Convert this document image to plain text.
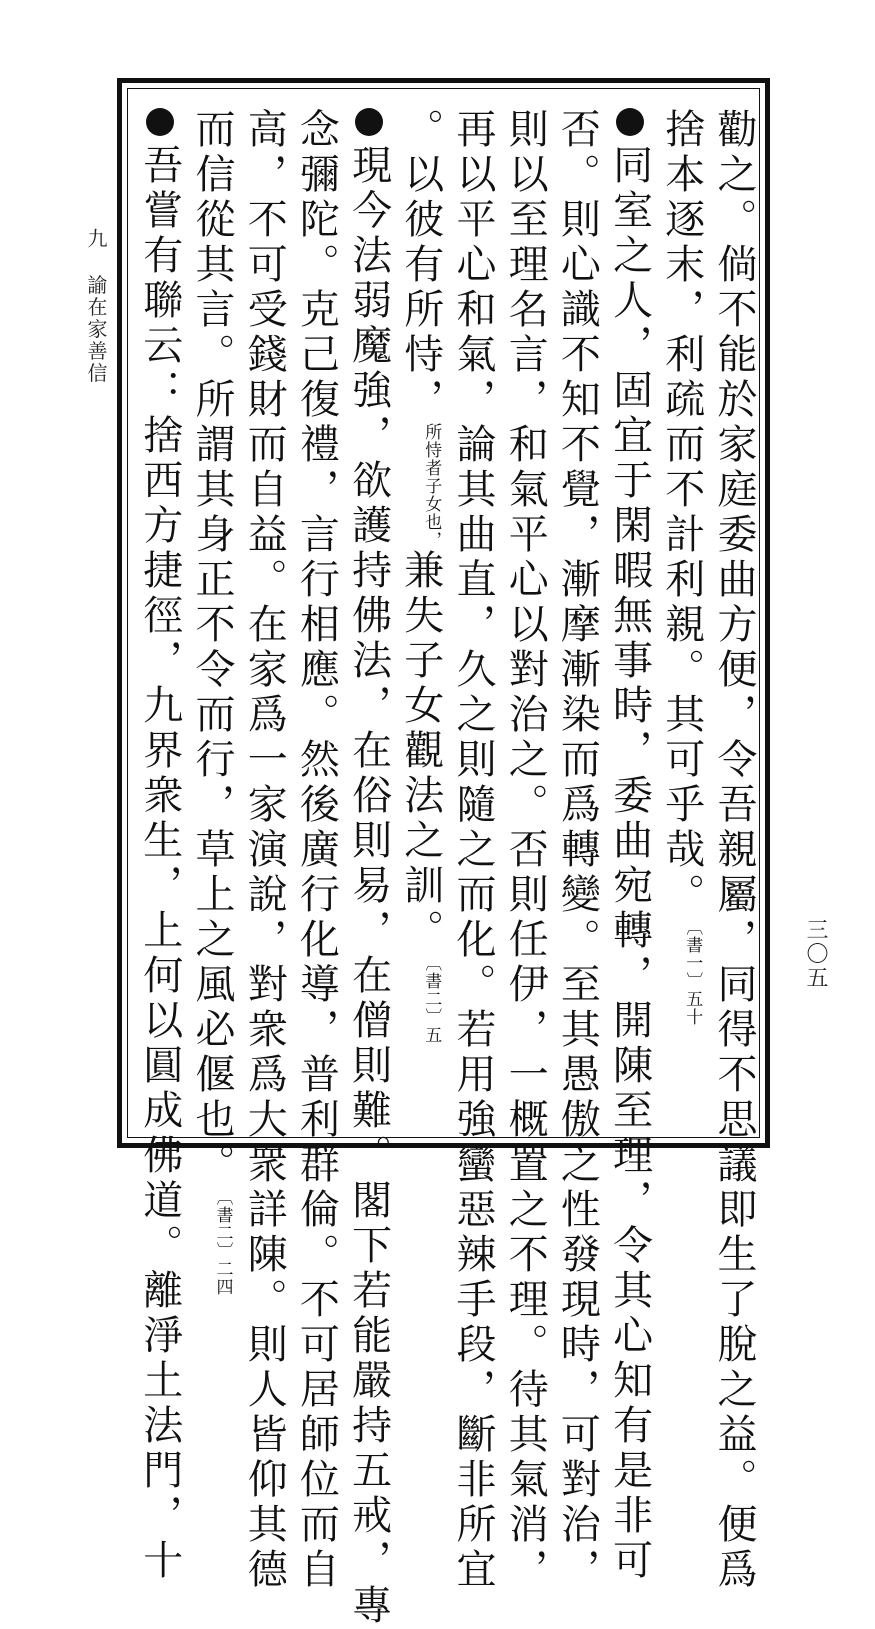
九 諭在家善信
三〇五
勸之。倘不能於家庭委曲方便，令吾親屬，同得不思議即生了脫之益。便爲
捨本逐末，利疏而不計利親。其可乎哉。〔書一〕五十
同室之人，固宜于閑暇無事時，委曲宛轉，開陳至理，令其心知有是非可
否。則心識不知不覺，漸摩漸染而爲轉變。至其愚傲之性發現時，可對治，
則以至理名言，和氣平心以對治之。否則任伊，一概置之不理。待其氣消，
再以平心和氣，論其曲直，久之則隨之而化。若用強蠻惡辣手段，斷非所宜
。以彼有所恃，所恃者子女也，兼失子女觀法之訓。〔書二〕五
現今法弱魔強，欲護持佛法，在俗則易，在僧則難。閣下若能嚴持五戒，專
念彌陀。克己復禮，言行相應。然後廣行化導，普利群倫。不可居師位而自
高，不可受錢財而自益。在家爲一家演說，對衆爲大衆詳陳。則人皆仰其德
而信從其言。所謂其身正不令而行，草上之風必偃也。〔書二〕二四
吾嘗有聯云：捨西方捷徑，九界衆生，上何以圓成佛道。離淨土法門，十
